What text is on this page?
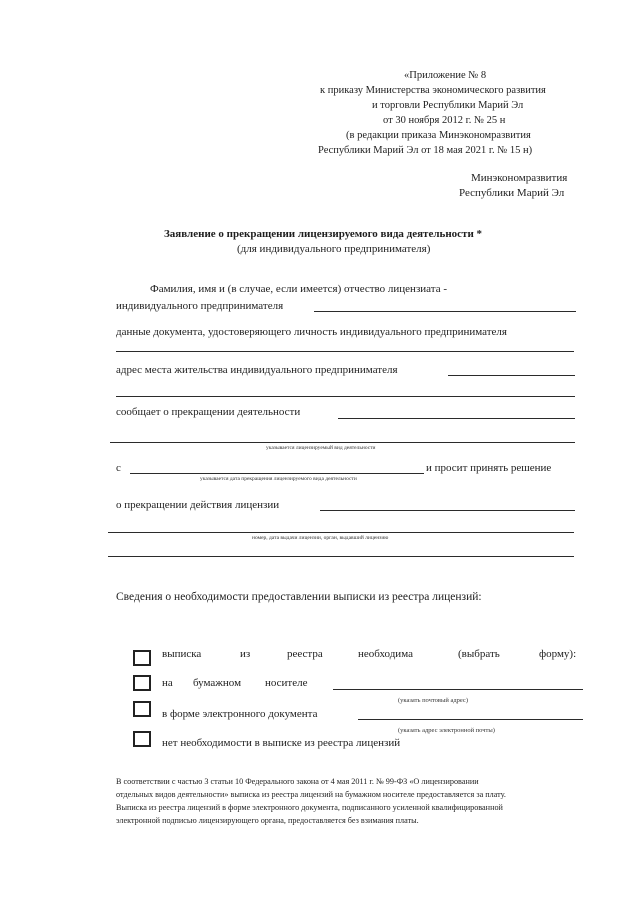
«Приложение № 8
к приказу Министерства экономического развития
и торговли Республики Марий Эл
от 30 ноября 2012 г. № 25 н
(в редакции приказа Минэкономразвития
Республики Марий Эл от 18 мая 2021 г. № 15 н)
Минэкономразвития
Республики Марий Эл
Заявление о прекращении лицензируемого вида деятельности *
(для индивидуального предпринимателя)
Фамилия, имя и (в случае, если имеется) отчество лицензиата -
индивидуального предпринимателя
данные документа, удостоверяющего личность индивидуального предпринимателя
адрес места жительства индивидуального предпринимателя
сообщает о прекращении деятельности
указывается лицензируемый вид деятельности
с	и просит принять решение
указывается дата прекращения лицензируемого вида деятельности
о прекращении действия лицензии
номер, дата выдачи лицензии, орган, выдавший лицензию
Сведения о необходимости предоставлении выписки из реестра лицензий:
выписка	из	реестра	необходима	(выбрать	форму):
на бумажном носителе
(указать почтовый адрес)
в форме электронного документа
(указать адрес электронной почты)
нет необходимости в выписке из реестра лицензий
В соответствии с частью 3 статьи 10 Федерального закона от 4 мая 2011 г. № 99-ФЗ «О лицензировании
отдельных видов деятельности» выписка из реестра лицензий на бумажном носителе предоставляется за плату.
Выписка из реестра лицензий в форме электронного документа, подписанного усиленной квалифицированной
электронной подписью лицензирующего органа, предоставляется без взимания платы.
